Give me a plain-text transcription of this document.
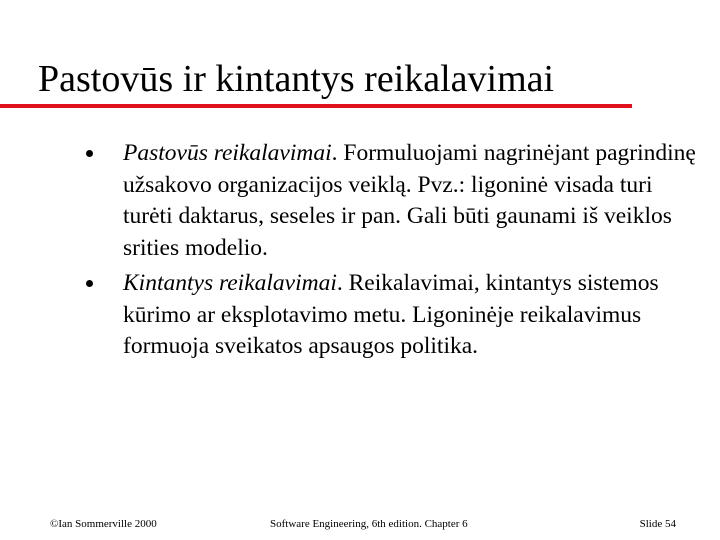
Pastovūs ir kintantys reikalavimai
Pastovūs reikalavimai. Formuluojami nagrinėjant pagrindinę užsakovo organizacijos veiklą. Pvz.: ligoninė visada turi turėti daktarus, seseles ir pan. Gali būti gaunami iš veiklos srities modelio.
Kintantys reikalavimai. Reikalavimai, kintantys sistemos kūrimo ar eksplotavimo metu. Ligoninėje reikalavimus formuoja sveikatos apsaugos politika.
©Ian Sommerville 2000	Software Engineering, 6th edition. Chapter 6	Slide 54
